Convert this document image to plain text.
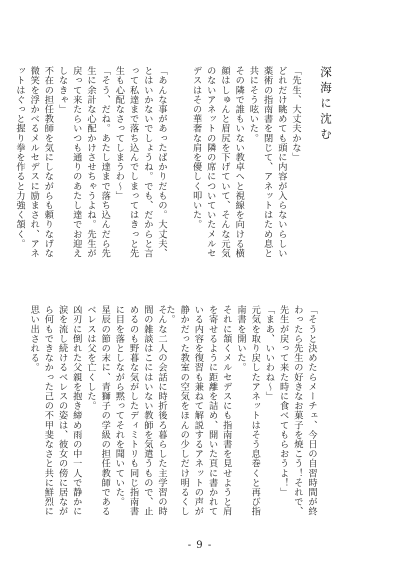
深海に沈む

「先生、大丈夫かな」

どれだけ眺めても頭に内容が入らないらしい薬術の指南書を閉じて、アネットはため息と共にそう呟いた。

その隣で誰もいない教卓へと視線を向ける横顔はしゅんと眉尻を下げていて、そんな元気のないアネットの隣の席についていたメルセデスはその華奢な肩を優しく叩いた。

「あんな事があったばかりだもの。大丈夫、とはいかないでしょうね。でも、だからと言って私達まで落ち込んでしまってはきっと先生も心配なさってしまうわ～」

「そう、だね。あたし達まで落ち込んだら先生に余計な心配かけさせちゃうよね。先生が戻って来たらいつも通りのあたし達でお迎えしなきゃ」

不在の担任教師を気にしながらも頼りなげな微笑を浮かべるメルセデスに励まされ、アネットはぐっと握り拳を作ると力強く頷く。

「そうと決めたらメーチェ、今日の自習時間が終わったら先生の好きなお菓子を焼こう！それで、先生が戻って来た時に食べてもらおうよ！」

「まあ、いいわね～」

元気を取り戻したアネットはそう息巻くと再び指南書を開いた。

それに頷くメルセデスにも指南書を見せようと肩を寄せるように距離を詰め、開いた頁に書かれている内容を復習も兼ねて解説するアネットの声が静かだった教室の空気をほんの少しだけ明るくした。

そんな二人の会話に時折後ろ暮らした主学習の時間の雑談はこにはいない教師を気遣うもので、止めるのも野暮な気がしたディミトリも同じ指南書に目を落としながら黙ってそれを聞いていた。

星辰の節の末に、青獅子の学級の担任教師であるベレスは父を亡くした。

凶刃に倒れた父親を抱き締め雨の中一人で静かに涙を流し続けるベレスの姿は、彼女の傍に居ながら何もできなかった己の不甲斐なさと共に鮮烈に思い出される。

- 9 -
